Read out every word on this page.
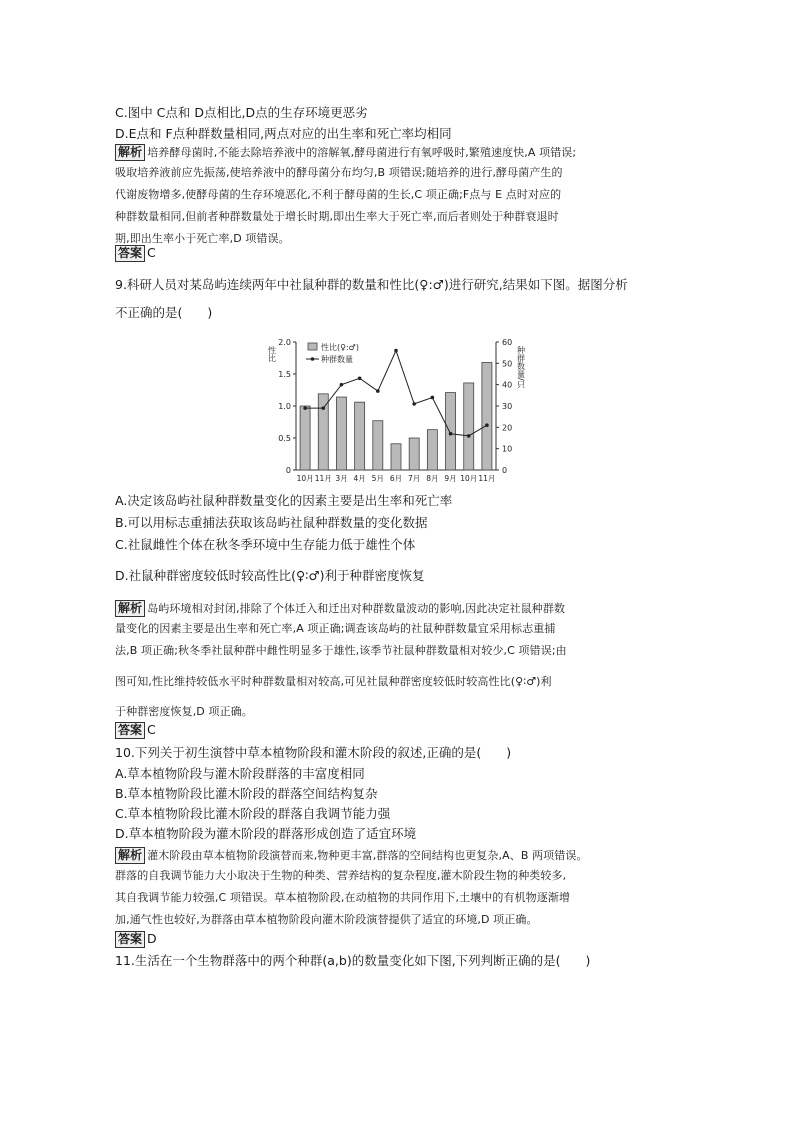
C.图中 C点和 D点相比,D点的生存环境更恶劣
D.E点和 F点种群数量相同,两点对应的出生率和死亡率均相同
解析 培养酵母菌时,不能去除培养液中的溶解氧,酵母菌进行有氧呼吸时,繁殖速度快,A 项错误;
吸取培养液前应先振荡,使培养液中的酵母菌分布均匀,B 项错误;随培养的进行,酵母菌产生的
代谢废物增多,使酵母菌的生存环境恶化,不利于酵母菌的生长,C 项正确;F点与 E 点时对应的
种群数量相同,但前者种群数量处于增长时期,即出生率大于死亡率,而后者则处于种群衰退时
期,即出生率小于死亡率,D 项错误。
答案 C
9.科研人员对某岛屿连续两年中社鼠种群的数量和性比(♀:♂)进行研究,结果如下图。据图分析
不正确的是(　　)
0
0.5
1.0
1.5
2.0
0
10
20
30
40
50
60
性比	种群数量/只
10月 11月 3月 4月 5月 6月 7月 8月 9月 10月 11月
性比(♀:♂)
种群数量
A.决定该岛屿社鼠种群数量变化的因素主要是出生率和死亡率
B.可以用标志重捕法获取该岛屿社鼠种群数量的变化数据
C.社鼠雌性个体在秋冬季环境中生存能力低于雄性个体
D.社鼠种群密度较低时较高性比(♀∶♂)利于种群密度恢复
解析 岛屿环境相对封闭,排除了个体迁入和迁出对种群数量波动的影响,因此决定社鼠种群数
量变化的因素主要是出生率和死亡率,A 项正确;调查该岛屿的社鼠种群数量宜采用标志重捕
法,B 项正确;秋冬季社鼠种群中雌性明显多于雄性,该季节社鼠种群数量相对较少,C 项错误;由
图可知,性比维持较低水平时种群数量相对较高,可见社鼠种群密度较低时较高性比(♀∶♂)利
于种群密度恢复,D 项正确。
答案 C
10.下列关于初生演替中草本植物阶段和灌木阶段的叙述,正确的是(　　)
A.草本植物阶段与灌木阶段群落的丰富度相同
B.草本植物阶段比灌木阶段的群落空间结构复杂
C.草本植物阶段比灌木阶段的群落自我调节能力强
D.草本植物阶段为灌木阶段的群落形成创造了适宜环境
解析 灌木阶段由草本植物阶段演替而来,物种更丰富,群落的空间结构也更复杂,A、B 两项错误。
群落的自我调节能力大小取决于生物的种类、营养结构的复杂程度,灌木阶段生物的种类较多,
其自我调节能力较强,C 项错误。草本植物阶段,在动植物的共同作用下,土壤中的有机物逐渐增
加,通气性也较好,为群落由草本植物阶段向灌木阶段演替提供了适宜的环境,D 项正确。
答案 D
11.生活在一个生物群落中的两个种群(a,b)的数量变化如下图,下列判断正确的是(　　)
